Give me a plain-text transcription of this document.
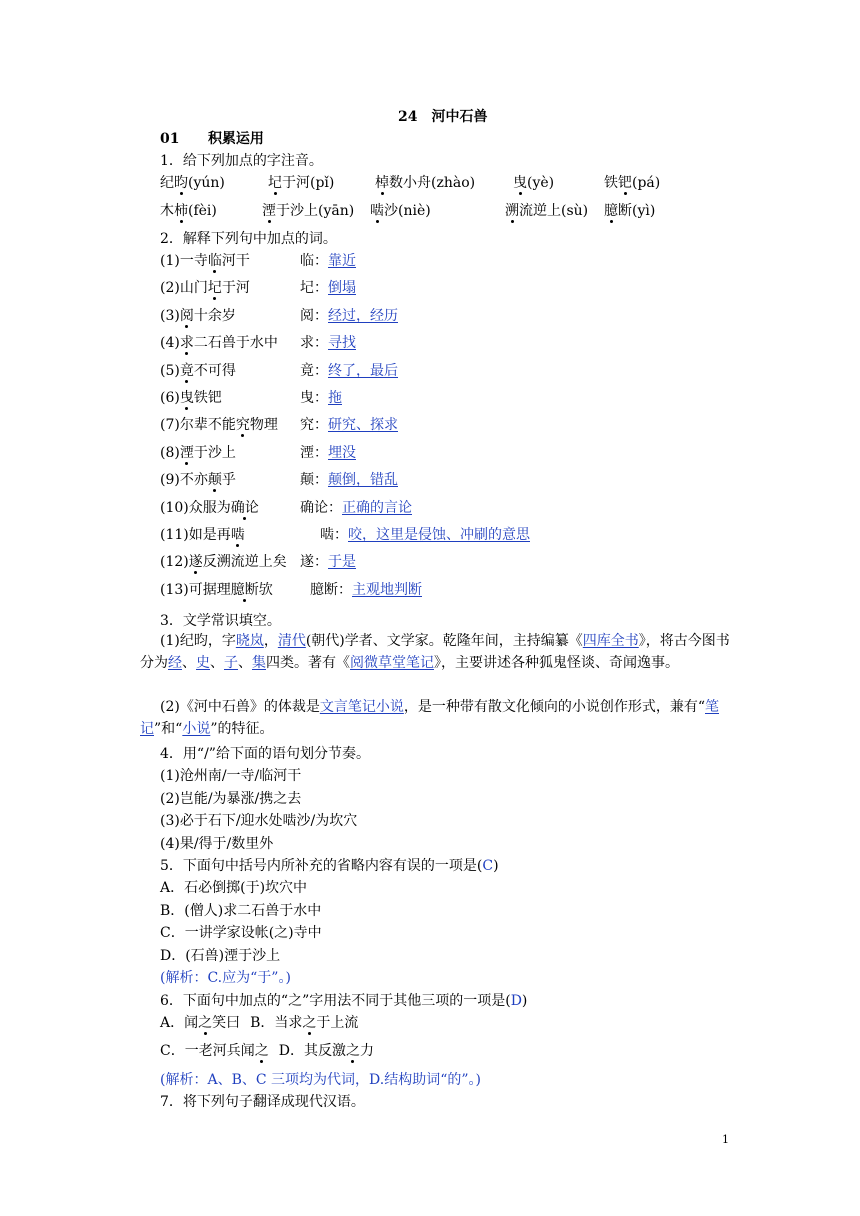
24　河中石兽
01 积累运用
1．给下列加点的字注音。
纪昀(yún)	圮于河(pǐ)	棹数小舟(zhào)	曳(yè)	铁钯(pá)
木柿(fèi)	湮于沙上(yān) 啮沙(niè)	溯流逆上(sù) 臆断(yì)
2．解释下列句中加点的词。
(1)一寺临河干	临：靠近
(2)山门圮于河	圮：倒塌
(3)阅十余岁	阅：经过，经历
(4)求二石兽于水中 求：寻找
(5)竟不可得	竟：终了，最后
(6)曳铁钯	曳：拖
(7)尔辈不能究物理 究：研究、探求
(8)湮于沙上	湮：埋没
(9)不亦颠乎	颠：颠倒，错乱
(10)众服为确论	确论：正确的言论
(11)如是再啮	啮：咬，这里是侵蚀、冲刷的意思
(12)遂反溯流逆上矣 遂：于是
(13)可据理臆断欤	臆断：主观地判断
3．文学常识填空。
(1)纪昀，字晓岚，清代(朝代)学者、文学家。乾隆年间，主持编纂《四库全书》，将古今图书分为经、史、子、集四类。著有《阅微草堂笔记》，主要讲述各种狐鬼怪谈、奇闻逸事。
(2)《河中石兽》的体裁是文言笔记小说，是一种带有散文化倾向的小说创作形式，兼有“笔记”和“小说”的特征。
4．用“/”给下面的语句划分节奏。
(1)沧州南/一寺/临河干
(2)岂能/为暴涨/携之去
(3)必于石下/迎水处啮沙/为坎穴
(4)果/得于/数里外
5．下面句中括号内所补充的省略内容有误的一项是(C)
A．石必倒掷(于)坎穴中
B．(僧人)求二石兽于水中
C．一讲学家设帐(之)寺中
D．(石兽)湮于沙上
(解析：C.应为“于”。)
6．下面句中加点的“之”字用法不同于其他三项的一项是(D)
A．闻之笑曰 B．当求之于上流
C．一老河兵闻之 D．其反激之力
(解析：A、B、C 三项均为代词，D.结构助词“的”。)
7．将下列句子翻译成现代汉语。
1
